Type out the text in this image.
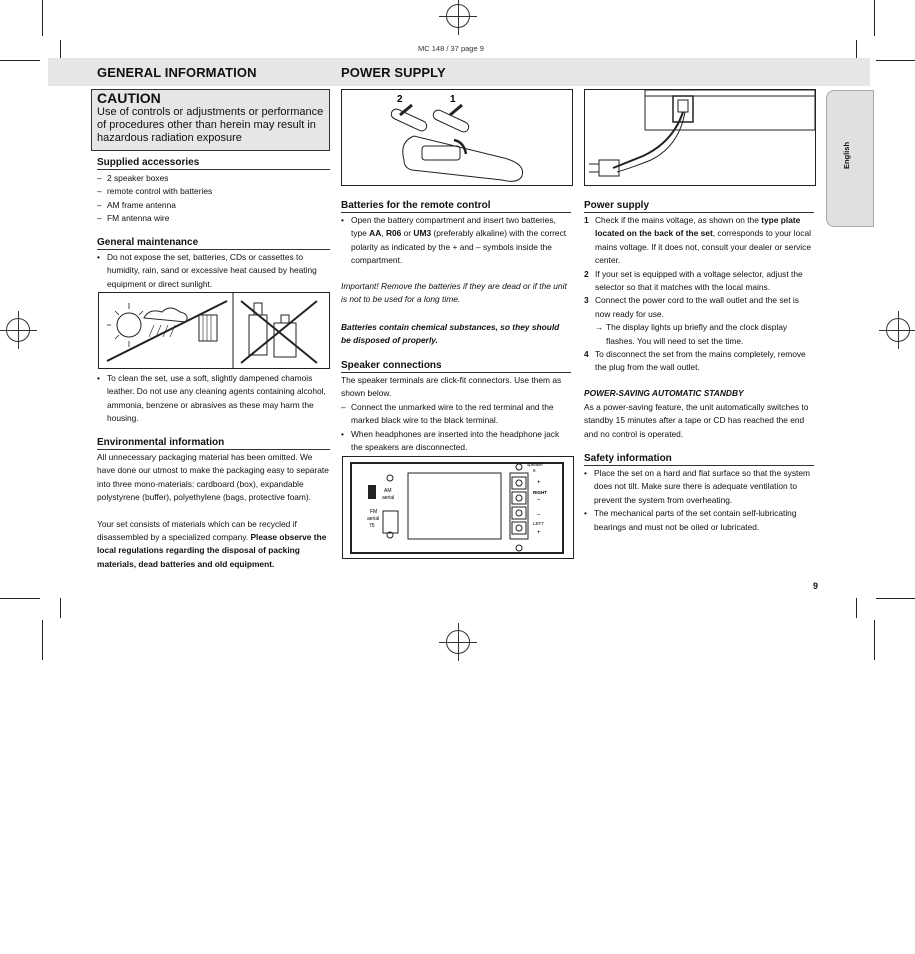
MC 148 / 37 page 9
GENERAL INFORMATION	POWER SUPPLY
CAUTION

Use of controls or adjustments or performance of procedures other than herein may result in hazardous radiation exposure

Supplied accessories
– 2 speaker boxes
– remote control with batteries
– AM frame antenna
– FM antenna wire
General maintenance
• Do not expose the set, batteries, CDs or cassettes to humidity, rain, sand or excessive heat caused by heating equipment or direct sunlight.
• To clean the set, use a soft, slightly dampened chamois leather. Do not use any cleaning agents containing alcohol, ammonia, benzene or abrasives as these may harm the housing.
Environmental information

All unnecessary packaging material has been omitted. We have done our utmost to make the packaging easy to separate into three mono-materials: cardboard (box), expandable polystyrene (buffer), polyethylene (bags, protective foam).

Your set consists of materials which can be recycled if disassembled by a specialized company. Please observe the local regulations regarding the disposal of packing materials, dead batteries and old equipment.

2	1
Batteries for the remote control
• Open the battery compartment and insert two batteries, type AA, R06 or UM3 (preferably alkaline) with the correct polarity as indicated by the + and – symbols inside the compartment.
Important! Remove the batteries if they are dead or if the unit is not to be used for a long time.
Batteries contain chemical substances, so they should be disposed of properly.
Speaker connections

The speaker terminals are click-fit connectors. Use them as shown below.

– Connect the unmarked wire to the red terminal and the marked black wire to the black terminal.
• When headphones are inserted into the headphone jack the speakers are disconnected.
AM
aerial
FM
aerial
75
speaker
8
+
RIGHT
–
–
LEFT
+
Power supply
1 Check if the mains voltage, as shown on the type plate located on the back of the set, corresponds to your local mains voltage. If it does not, consult your dealer or service center.
2 If your set is equipped with a voltage selector, adjust the selector so that it matches with the local mains.
3 Connect the power cord to the wall outlet and the set is now ready for use.
→ The display lights up briefly and the clock display flashes. You will need to set the time.
4 To disconnect the set from the mains completely, remove the plug from the wall outlet.
POWER-SAVING AUTOMATIC STANDBY
As a power-saving feature, the unit automatically switches to standby 15 minutes after a tape or CD has reached the end and no control is operated.
Safety information
• Place the set on a hard and flat surface so that the system does not tilt. Make sure there is adequate ventilation to prevent the system from overheating.
• The mechanical parts of the set contain self-lubricating bearings and must not be oiled or lubricated.
English
9
